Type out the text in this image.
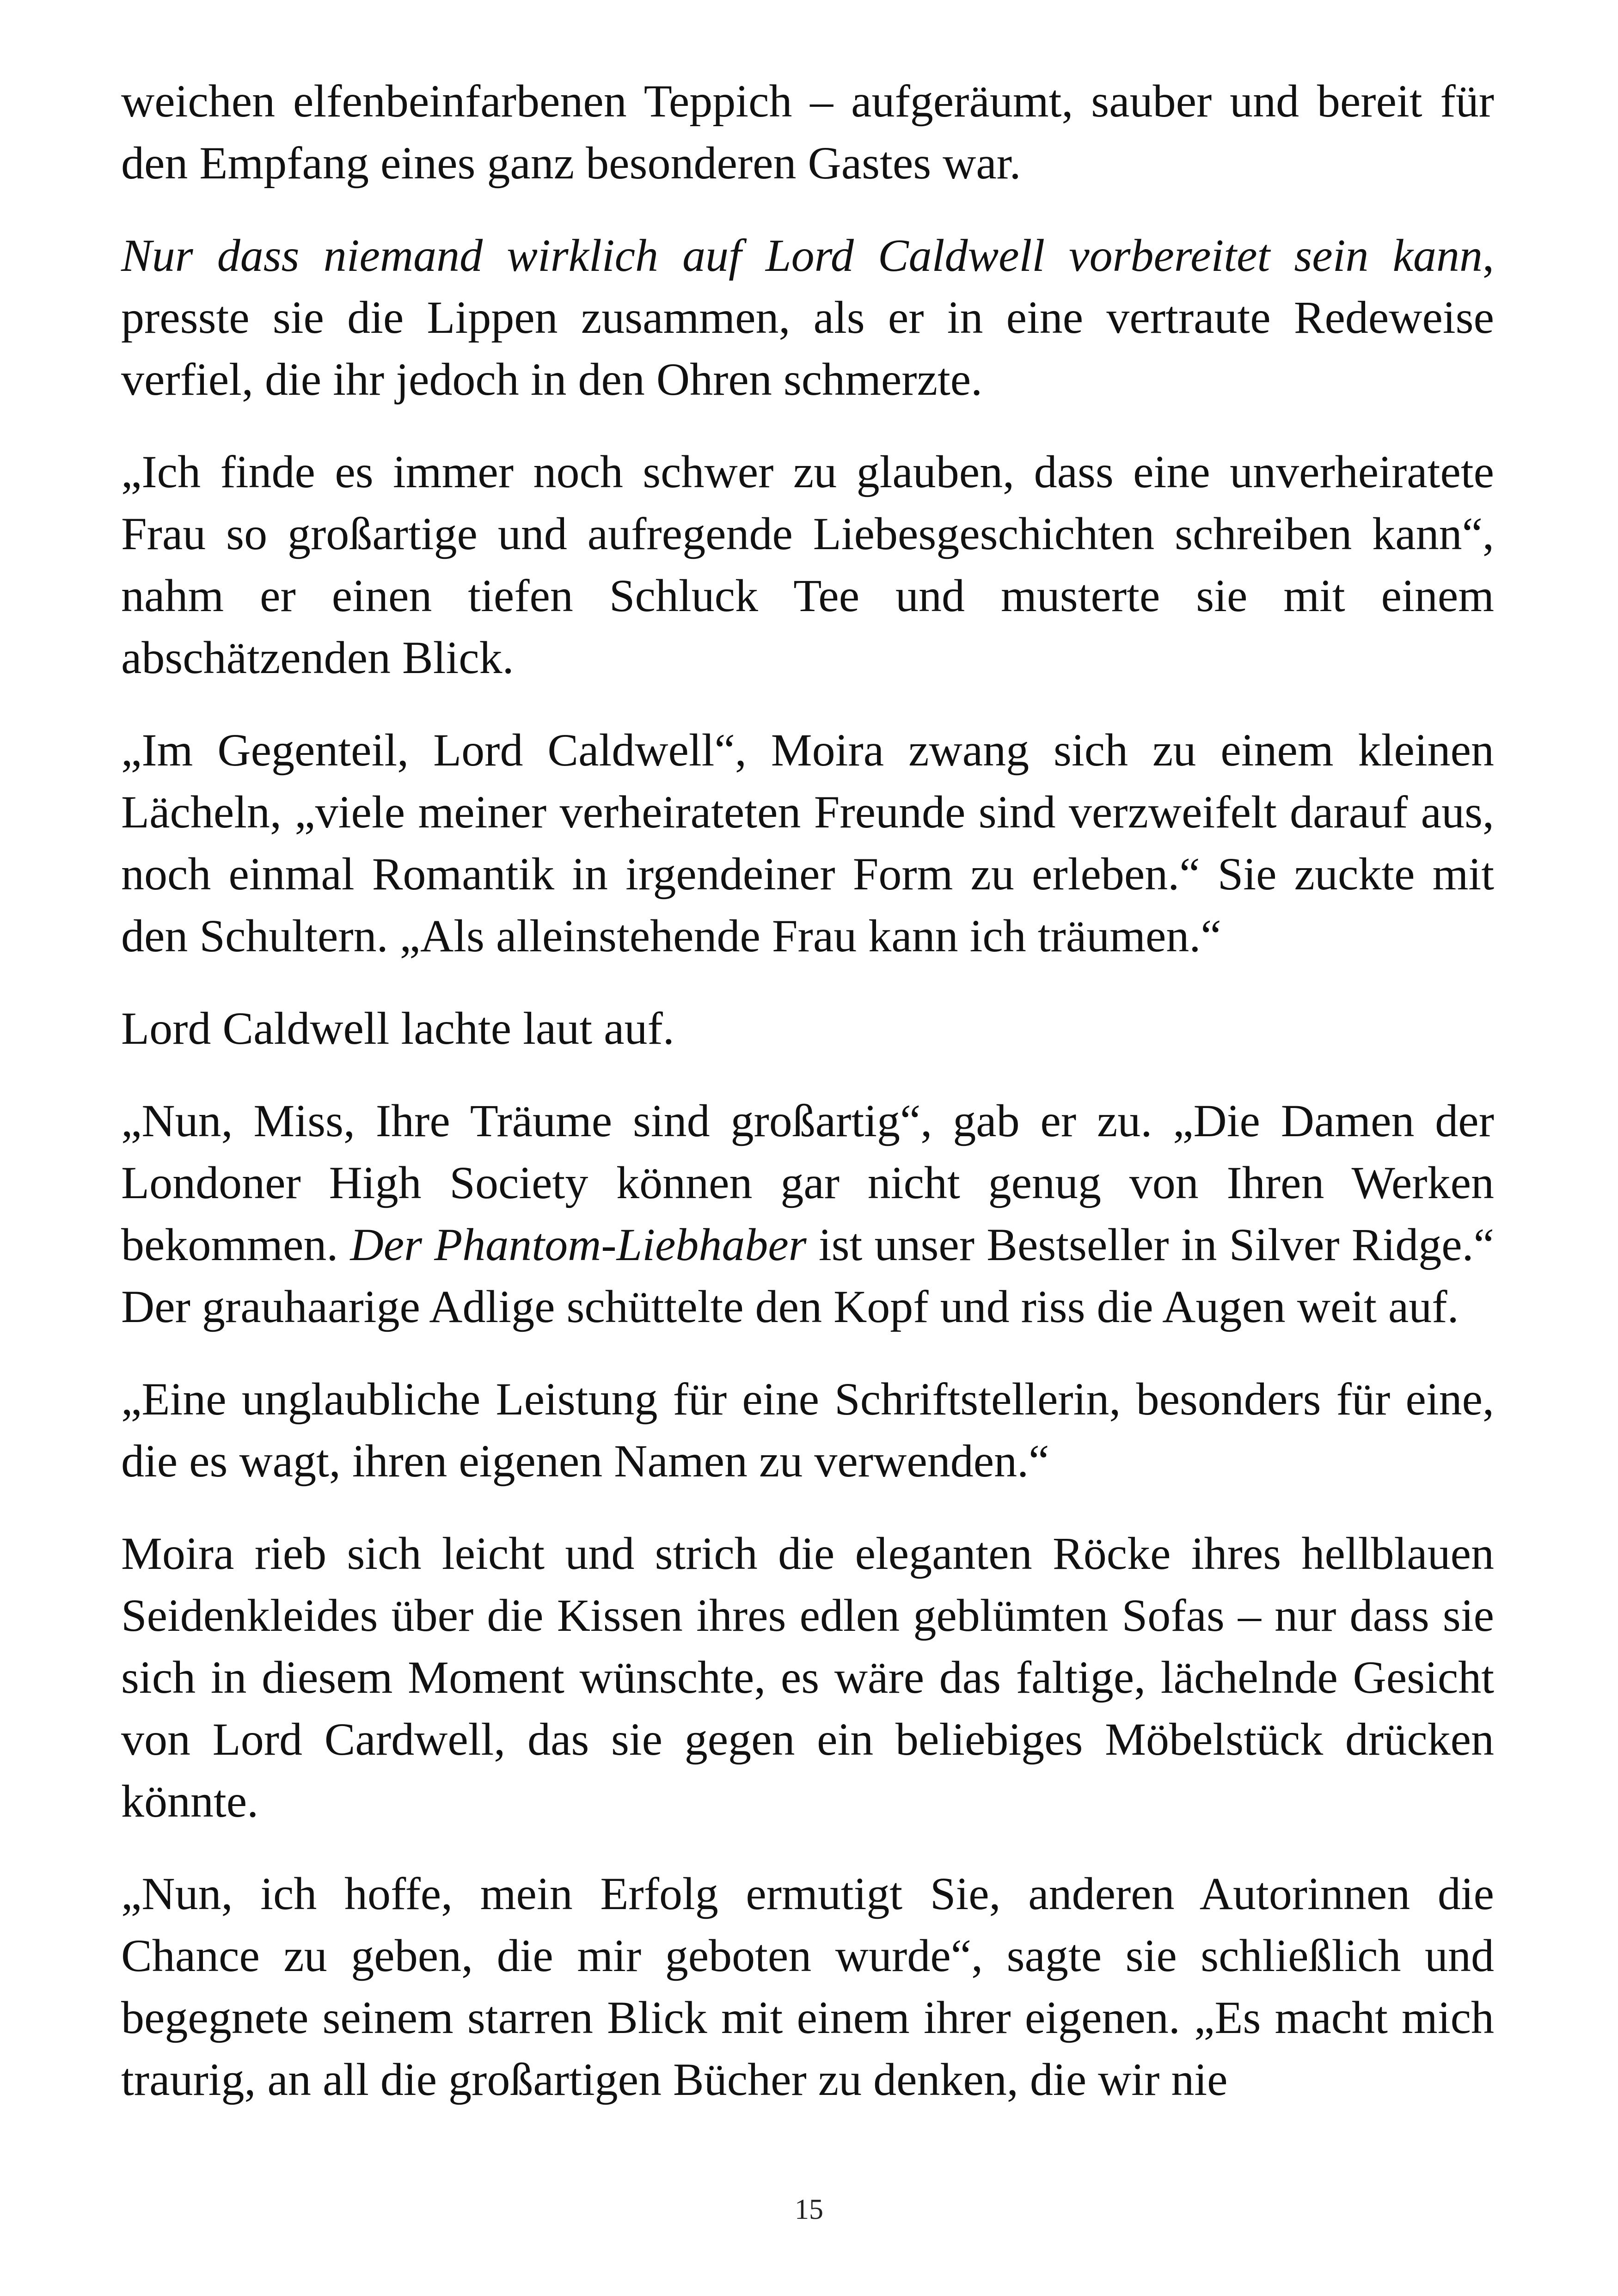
weichen elfenbeinfarbenen Teppich – aufgeräumt, sauber und bereit für den Empfang eines ganz besonderen Gastes war.

Nur dass niemand wirklich auf Lord Caldwell vorbereitet sein kann, presste sie die Lippen zusammen, als er in eine vertraute Redeweise verfiel, die ihr jedoch in den Ohren schmerzte.

„Ich finde es immer noch schwer zu glauben, dass eine unverheiratete Frau so großartige und aufregende Liebesgeschichten schreiben kann“, nahm er einen tiefen Schluck Tee und musterte sie mit einem abschätzenden Blick.

„Im Gegenteil, Lord Caldwell“, Moira zwang sich zu einem kleinen Lächeln, „viele meiner verheirateten Freunde sind verzweifelt darauf aus, noch einmal Romantik in irgendeiner Form zu erleben.“ Sie zuckte mit den Schultern. „Als alleinstehende Frau kann ich träumen.“

Lord Caldwell lachte laut auf.

„Nun, Miss, Ihre Träume sind großartig“, gab er zu. „Die Damen der Londoner High Society können gar nicht genug von Ihren Werken bekommen. Der Phantom-Liebhaber ist unser Bestseller in Silver Ridge.“ Der grauhaarige Adlige schüttelte den Kopf und riss die Augen weit auf.

„Eine unglaubliche Leistung für eine Schriftstellerin, besonders für eine, die es wagt, ihren eigenen Namen zu verwenden.“

Moira rieb sich leicht und strich die eleganten Röcke ihres hellblauen Seidenkleides über die Kissen ihres edlen geblümten Sofas – nur dass sie sich in diesem Moment wünschte, es wäre das faltige, lächelnde Gesicht von Lord Cardwell, das sie gegen ein beliebiges Möbelstück drücken könnte.

„Nun, ich hoffe, mein Erfolg ermutigt Sie, anderen Autorinnen die Chance zu geben, die mir geboten wurde“, sagte sie schließlich und begegnete seinem starren Blick mit einem ihrer eigenen. „Es macht mich traurig, an all die großartigen Bücher zu denken, die wir nie

15
